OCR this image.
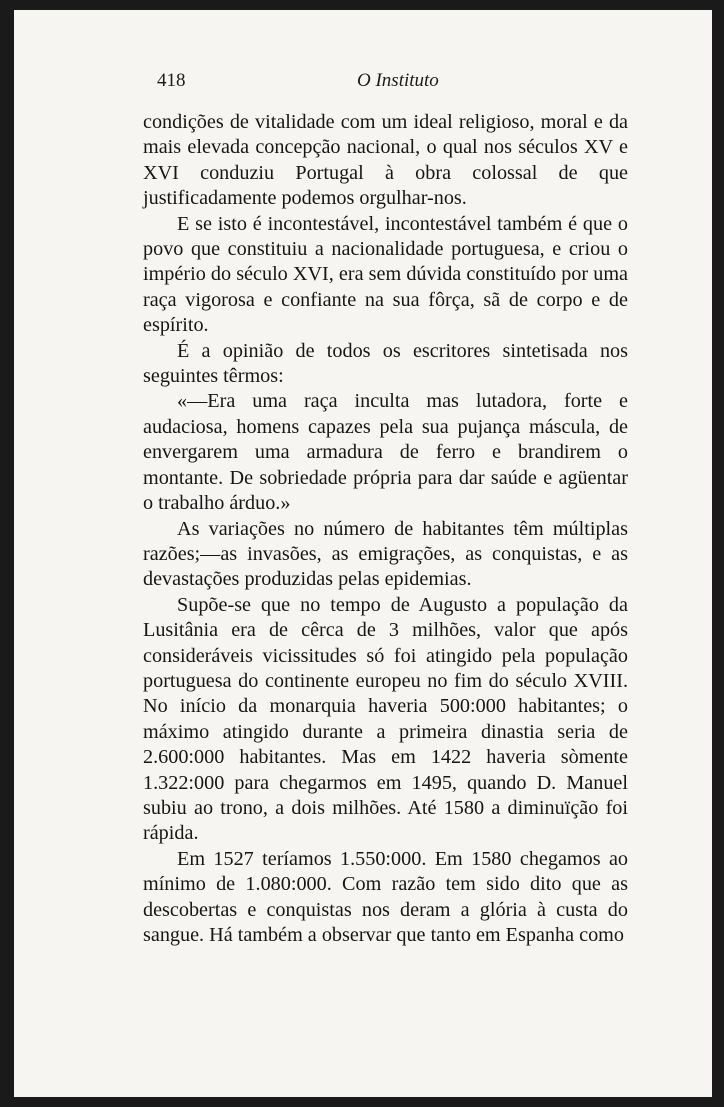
418	O Instituto

condições de vitalidade com um ideal religioso, moral e da mais elevada concepção nacional, o qual nos séculos XV e XVI conduziu Portugal à obra colossal de que justificadamente podemos orgulhar-nos.

E se isto é incontestável, incontestável também é que o povo que constituiu a nacionalidade portuguesa, e criou o império do século XVI, era sem dúvida constituído por uma raça vigorosa e confiante na sua fôrça, sã de corpo e de espírito.

É a opinião de todos os escritores sintetisada nos seguintes têrmos:

«—Era uma raça inculta mas lutadora, forte e audaciosa, homens capazes pela sua pujança máscula, de envergarem uma armadura de ferro e brandirem o montante. De sobriedade própria para dar saúde e agüentar o trabalho árduo.»

As variações no número de habitantes têm múltiplas razões;—as invasões, as emigrações, as conquistas, e as devastações produzidas pelas epidemias.

Supõe-se que no tempo de Augusto a população da Lusitânia era de cêrca de 3 milhões, valor que após consideráveis vicissitudes só foi atingido pela população portuguesa do continente europeu no fim do século XVIII. No início da monarquia haveria 500:000 habitantes; o máximo atingido durante a primeira dinastia seria de 2.600:000 habitantes. Mas em 1422 haveria sòmente 1.322:000 para chegarmos em 1495, quando D. Manuel subiu ao trono, a dois milhões. Até 1580 a diminuïção foi rápida.

Em 1527 teríamos 1.550:000. Em 1580 chegamos ao mínimo de 1.080:000. Com razão tem sido dito que as descobertas e conquistas nos deram a glória à custa do sangue. Há também a observar que tanto em Espanha como
